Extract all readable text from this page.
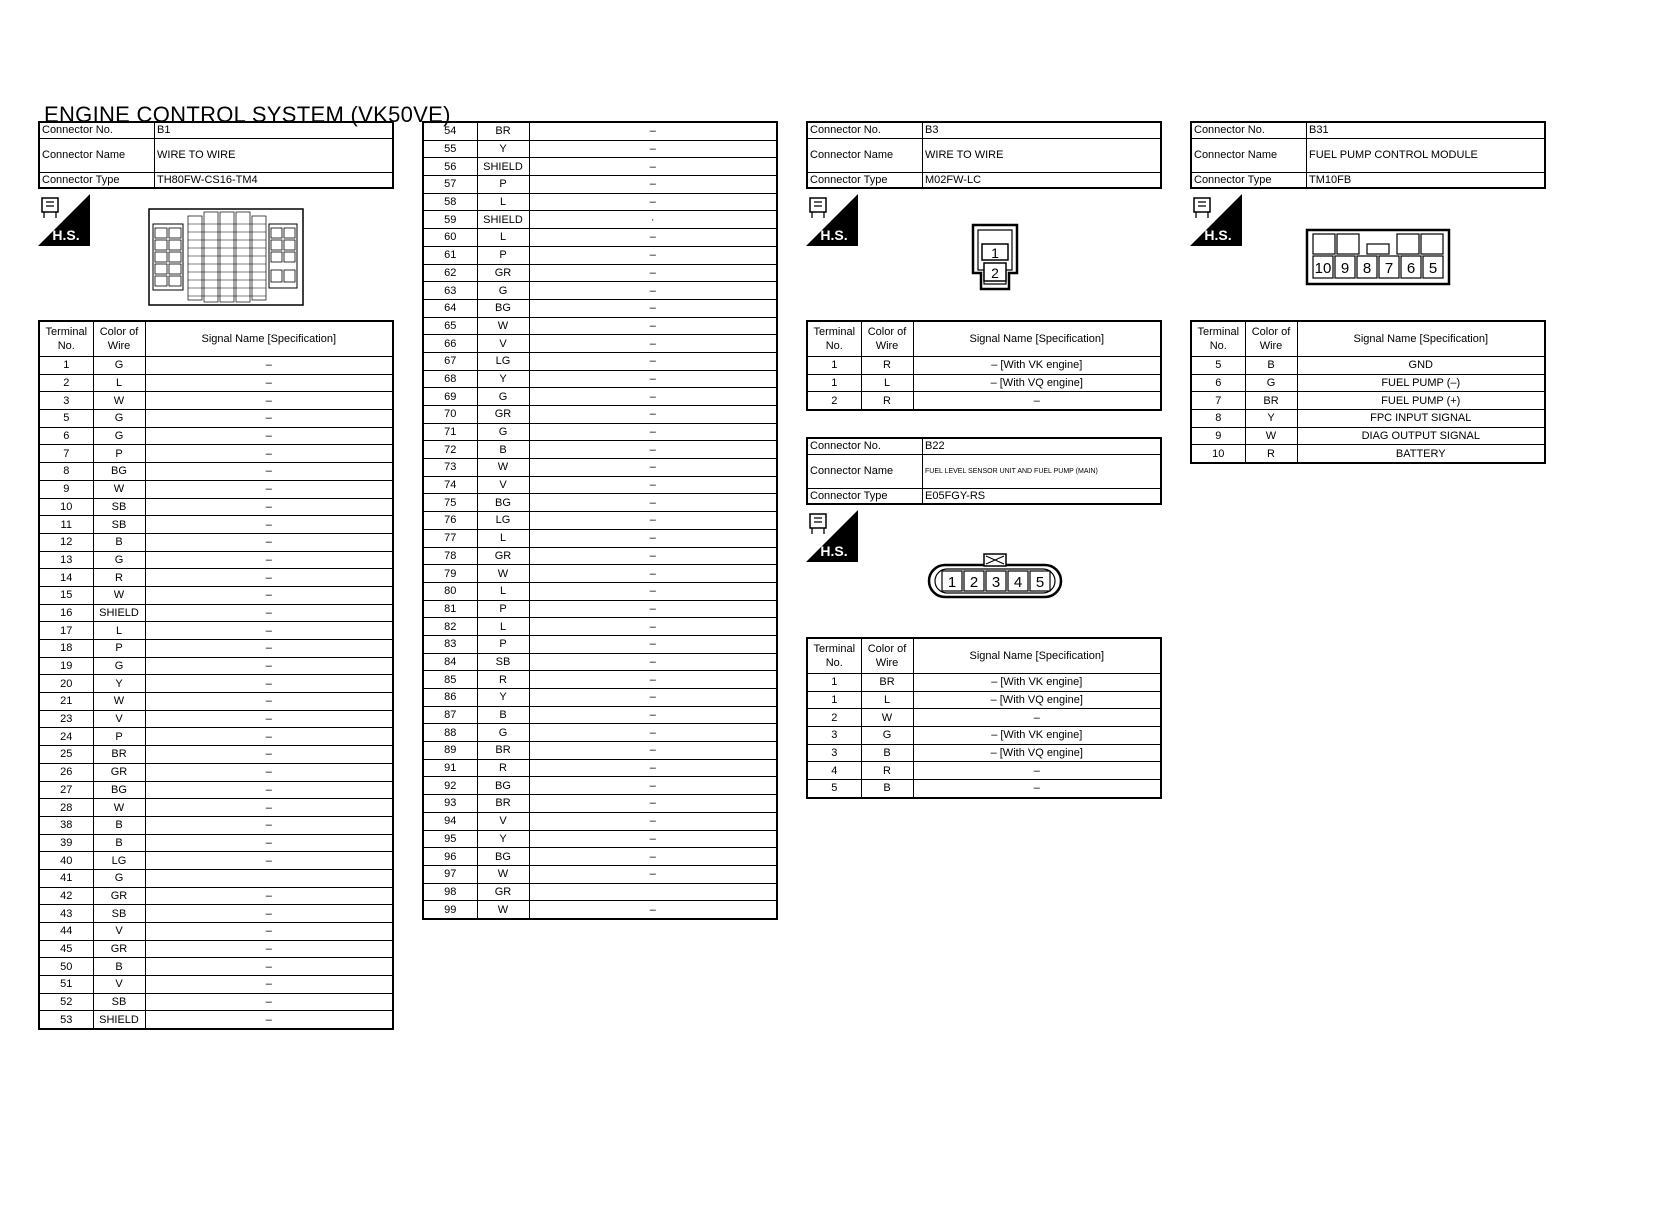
ENGINE CONTROL SYSTEM (VK50VE)
Connector No.	B1
Connector Name	WIRE TO WIRE
Connector Type	TH80FW-CS16-TM4
H.S.
Terminal No.	Color of Wire	Signal Name [Specification]
1	G	–
2	L	–
3	W	–
5	G	–
6	G	–
7	P	–
8	BG	–
9	W	–
10	SB	–
11	SB	–
12	B	–
13	G	–
14	R	–
15	W	–
16	SHIELD	–
17	L	–
18	P	–
19	G	–
20	Y	–
21	W	–
23	V	–
24	P	–
25	BR	–
26	GR	–
27	BG	–
28	W	–
38	B	–
39	B	–
40	LG	–
41	G	
42	GR	–
43	SB	–
44	V	–
45	GR	–
50	B	–
51	V	–
52	SB	–
53	SHIELD	–
54	BR	–
55	Y	–
56	SHIELD	–
57	P	–
58	L	–
59	SHIELD	·
60	L	–
61	P	–
62	GR	–
63	G	–
64	BG	–
65	W	–
66	V	–
67	LG	–
68	Y	–
69	G	–
70	GR	–
71	G	–
72	B	–
73	W	–
74	V	–
75	BG	–
76	LG	–
77	L	–
78	GR	–
79	W	–
80	L	–
81	P	–
82	L	–
83	P	–
84	SB	–
85	R	–
86	Y	–
87	B	–
88	G	–
89	BR	–
91	R	–
92	BG	–
93	BR	–
94	V	–
95	Y	–
96	BG	–
97	W	–
98	GR	
99	W	–
Connector No.	B3
Connector Name	WIRE TO WIRE
Connector Type	M02FW-LC
H.S.
1
2
Terminal No.	Color of Wire	Signal Name [Specification]
1	R	– [With VK engine]
1	L	– [With VQ engine]
2	R	–
Connector No.	B22
Connector Name	FUEL LEVEL SENSOR UNIT AND FUEL PUMP (MAIN)
Connector Type	E05FGY-RS
H.S.
1 2 3 4 5
Terminal No.	Color of Wire	Signal Name [Specification]
1	BR	– [With VK engine]
1	L	– [With VQ engine]
2	W	–
3	G	– [With VK engine]
3	B	– [With VQ engine]
4	R	–
5	B	–
Connector No.	B31
Connector Name	FUEL PUMP CONTROL MODULE
Connector Type	TM10FB
H.S.
10 9 8 7 6 5
Terminal No.	Color of Wire	Signal Name [Specification]
5	B	GND
6	G	FUEL PUMP (–)
7	BR	FUEL PUMP (+)
8	Y	FPC INPUT SIGNAL
9	W	DIAG OUTPUT SIGNAL
10	R	BATTERY
